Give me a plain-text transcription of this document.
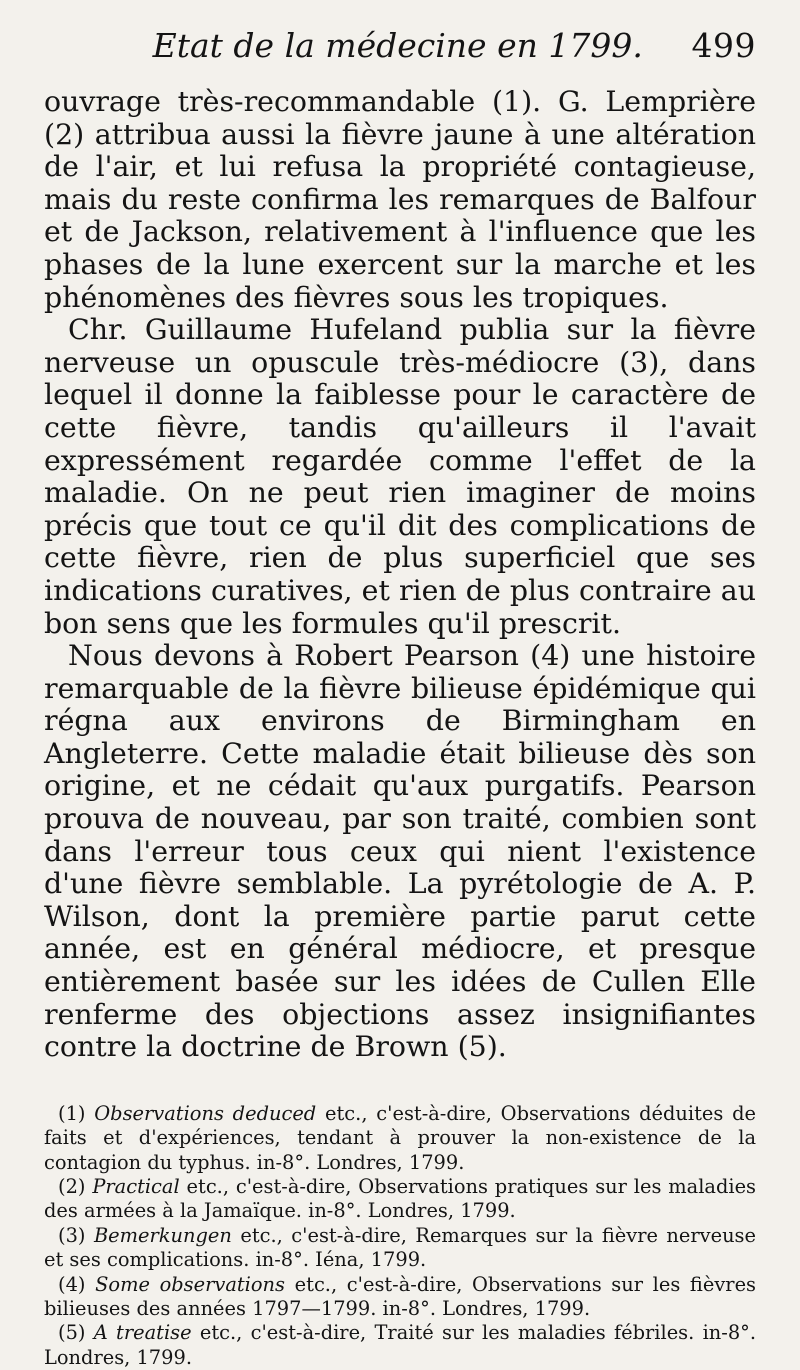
Etat de la médecine en 1799.	499

ouvrage très-recommandable (1). G. Lemprière (2) attribua aussi la fièvre jaune à une altération de l'air, et lui refusa la propriété contagieuse, mais du reste confirma les remarques de Balfour et de Jackson, relativement à l'influence que les phases de la lune exercent sur la marche et les phénomènes des fièvres sous les tropiques.

Chr. Guillaume Hufeland publia sur la fièvre nerveuse un opuscule très-médiocre (3), dans lequel il donne la faiblesse pour le caractère de cette fièvre, tandis qu'ailleurs il l'avait expressément regardée comme l'effet de la maladie. On ne peut rien imaginer de moins précis que tout ce qu'il dit des complications de cette fièvre, rien de plus superficiel que ses indications curatives, et rien de plus contraire au bon sens que les formules qu'il prescrit.

Nous devons à Robert Pearson (4) une histoire remarquable de la fièvre bilieuse épidémique qui régna aux environs de Birmingham en Angleterre. Cette maladie était bilieuse dès son origine, et ne cédait qu'aux purgatifs. Pearson prouva de nouveau, par son traité, combien sont dans l'erreur tous ceux qui nient l'existence d'une fièvre semblable. La pyrétologie de A. P. Wilson, dont la première partie parut cette année, est en général médiocre, et presque entièrement basée sur les idées de Cullen Elle renferme des objections assez insignifiantes contre la doctrine de Brown (5).

(1) Observations deduced etc., c'est-à-dire, Observations déduites de faits et d'expériences, tendant à prouver la non-existence de la contagion du typhus. in-8°. Londres, 1799.

(2) Practical etc., c'est-à-dire, Observations pratiques sur les maladies des armées à la Jamaïque. in-8°. Londres, 1799.

(3) Bemerkungen etc., c'est-à-dire, Remarques sur la fièvre nerveuse et ses complications. in-8°. Iéna, 1799.

(4) Some observations etc., c'est-à-dire, Observations sur les fièvres bilieuses des années 1797—1799. in-8°. Londres, 1799.

(5) A treatise etc., c'est-à-dire, Traité sur les maladies fébriles. in-8°. Londres, 1799.
